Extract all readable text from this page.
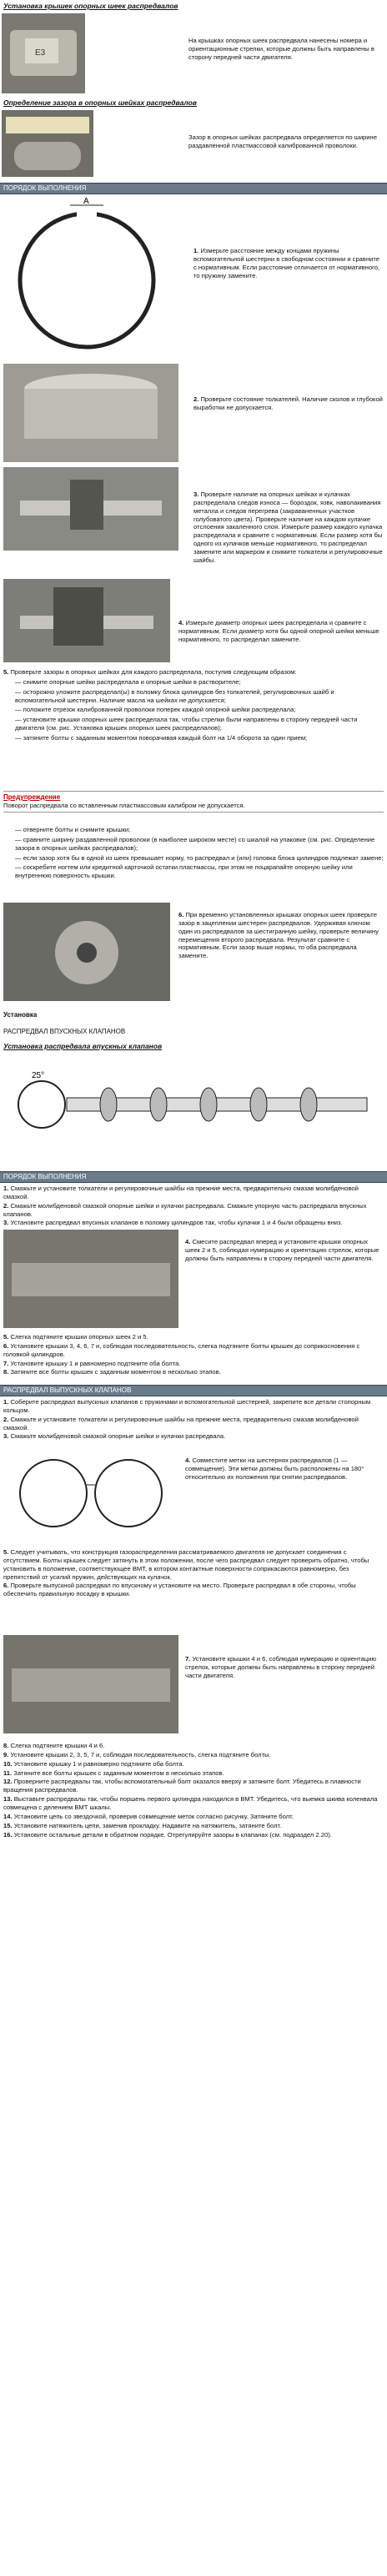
Установка крышек опорных шеек распредвалов
E3
На крышках опорных шеек распредвала нанесены номера и ориентационные стрелки, которые должны быть направлены в сторону передней части двигателя.
Определение зазора в опорных шейках распредвалов
Зазор в опорных шейках распредвала определяется по ширине раздавленной пластмассовой калиброванной проволоки.
ПОРЯДОК ВЫПОЛНЕНИЯ
A
1. Измерьте расстояние между концами пружины вспомогательной шестерни в свободном состоянии и сравните с нормативным. Если расстояние отличается от нормативного, то пружину замените.
2. Проверьте состояние толкателей. Наличие сколов и глубокой выработки не допускается.
3. Проверьте наличие на опорных шейках и кулачках распределала следов износа — бороздок, язвк, наволакивания металла и следов перегрева (закраваненных участков голубоватого цвета). Проверьте наличие на каждом кулачке отслоения закаленного слоя. Измерьте размер каждого кулачка распределала и сравните с нормативным. Если размер хотя бы одного из кулачков меньше нормативного, то распределал замените или маркером и снимите толкатели и регулировочные шайбы.
4. Измерьте диаметр опорных шеек распределала и сравните с нормативным. Если диаметр хотя бы одной опорной шейки меньше нормативного, то распределал замените.

5. Проверьте зазоры в опорных шейках для каждого распределала, поступив следующим образом:

— снимите опорные шейки распределала и опорные шейки в растворителе;

— осторожно уложите распределал(ы) в поломку блока цилиндров без толкателей, регулировочных шайб и вспомогательной шестерни. Наличие масла на шейках не допускается;

— положите отрезок калиброванной проволоки поперек каждой опорной шейки распределала;

— установите крышки опорных шеек распределала так, чтобы стрелки были направлены в сторону передней части двигателя (см. рис. Установка крышек опорных шеек распределалов);

— затяните болты с заданным моментом поворачивая каждый болт на 1/4 оборота за один прием;

Предупреждение

Поворот распредвала со вставленным пластмассовым калибром не допускается.

— отверните болты и снимите крышки;

— сравните ширину раздавленной проволоки (в наиболее широком месте) со шкалой на упаковке (см. рис. Определение зазора в опорных шейках распредвалов);

— если зазор хотя бы в одной из шеек превышает норму, то распредвал и (или) головка блока цилиндров подлежат замене;

— соскребите ногтем или кредитной карточкой остатки пластмассы, при этом не поцарапайте опорную шейку или внутреннюю поверхность крышки.

6. При временно установленных крышках опорных шеек проверьте зазор в зацеплении шестерен распредвалов. Удерживая ключом один из распредвалов за шестигранную шейку, проверьте величину перемещения второго распредвала. Результат сравните с нормативным. Если зазор выше нормы, то оба распредвала замените.
Установка
РАСПРЕДВАЛ ВПУСКНЫХ КЛАПАНОВ
Установка распредвала впускных клапанов
25°
ПОРЯДОК ВЫПОЛНЕНИЯ

1. Смажьте и установите толкатели и регулировочные шайбы на прежние места, предварительно смазав молибденовой смазкой.

2. Смажьте молибденовой смазкой опорные шейки и кулачки распредвала. Смажьте упорную часть распредвала впускных клапанов.

3. Установите распредвал впускных клапанов в поломку цилиндров так, чтобы кулачки 1 и 4 были обращены вниз.

4. Смесите распредвал вперед и установите крышки опорных шеек 2 и 5, соблюдая нумерацию и ориентацию стрелок, которые должны быть направлены в сторону передней части двигателя.

5. Слегка подтяните крышки опорных шеек 2 и 5.

6. Установите крышки 3, 4, 6, 7 и, соблюдая последовательность, слегка подтяните болты крышек до соприкосновения с головкой цилиндров.

7. Установите крышку 1 и равномерно подтяните оба болта.

8. Затяните все болты крышек с заданным моментом в несколько этапов.

РАСПРЕДВАЛ ВЫПУСКНЫХ КЛАПАНОВ

1. Соберите распредвал выпускных клапанов с пружинами и вспомогательной шестерней, закрепите все детали стопорным кольцом.

2. Смажьте и установите толкатели и регулировочные шайбы на прежние места, предварительно смазав молибденовой смазкой.

3. Смажьте молибденовой смазкой опорные шейки и кулачки распредвала.

4. Совместите метки на шестернях распредвалов (1 — совмещение). Эти метки должны быть расположены на 180° относительно их положения при снятии распредвалов.

5. Следует учитывать, что конструкция газораспределения рассматриваемого двигателя не допускает соединения с отсутствием. Болты крышек следует затянуть в этом положении, после чего распредвал следует проверить обратно, чтобы установить в положение, соответствующее ВМТ, в котором контактные поверхности соприкасаются равномерно, без препятствий от усилий пружин, действующих на кулачок.

6. Проверьте выпускной распредвал по впускному и установите на место. Проверьте распредвал в обе стороны, чтобы обеспечить правильную посадку в крышки.

7. Установите крышки 4 и 6, соблюдая нумерацию и ориентацию стрелок, которые должны быть направлены в сторону передней части двигателя.

8. Слегка подтяните крышки 4 и 6.

9. Установите крышки 2, 3, 5, 7 и, соблюдая последовательность, слегка подтяните болты.

10. Установите крышку 1 и равномерно подтяните оба болта.

11. Затяните все болты крышек с заданным моментом в несколько этапов.

12. Проверните распредвалы так, чтобы вспомогательный болт оказался вверху и затяните болт. Убедитесь в плавности вращения распредвалов.

13. Выставьте распредвалы так, чтобы поршень первого цилиндра находился в ВМТ. Убедитесь, что выемка шкива коленвала совмещена с делением ВМТ шкалы.

14. Установите цепь со звездочкой, проверив совмещение меток согласно рисунку. Затяните болт.

15. Установите натяжитель цепи, заменив прокладку. Надавите на натяжитель, затяните болт.

16. Установите остальные детали в обратном порядке. Отрегулируйте зазоры в клапанах (см. подраздел 2.20).
